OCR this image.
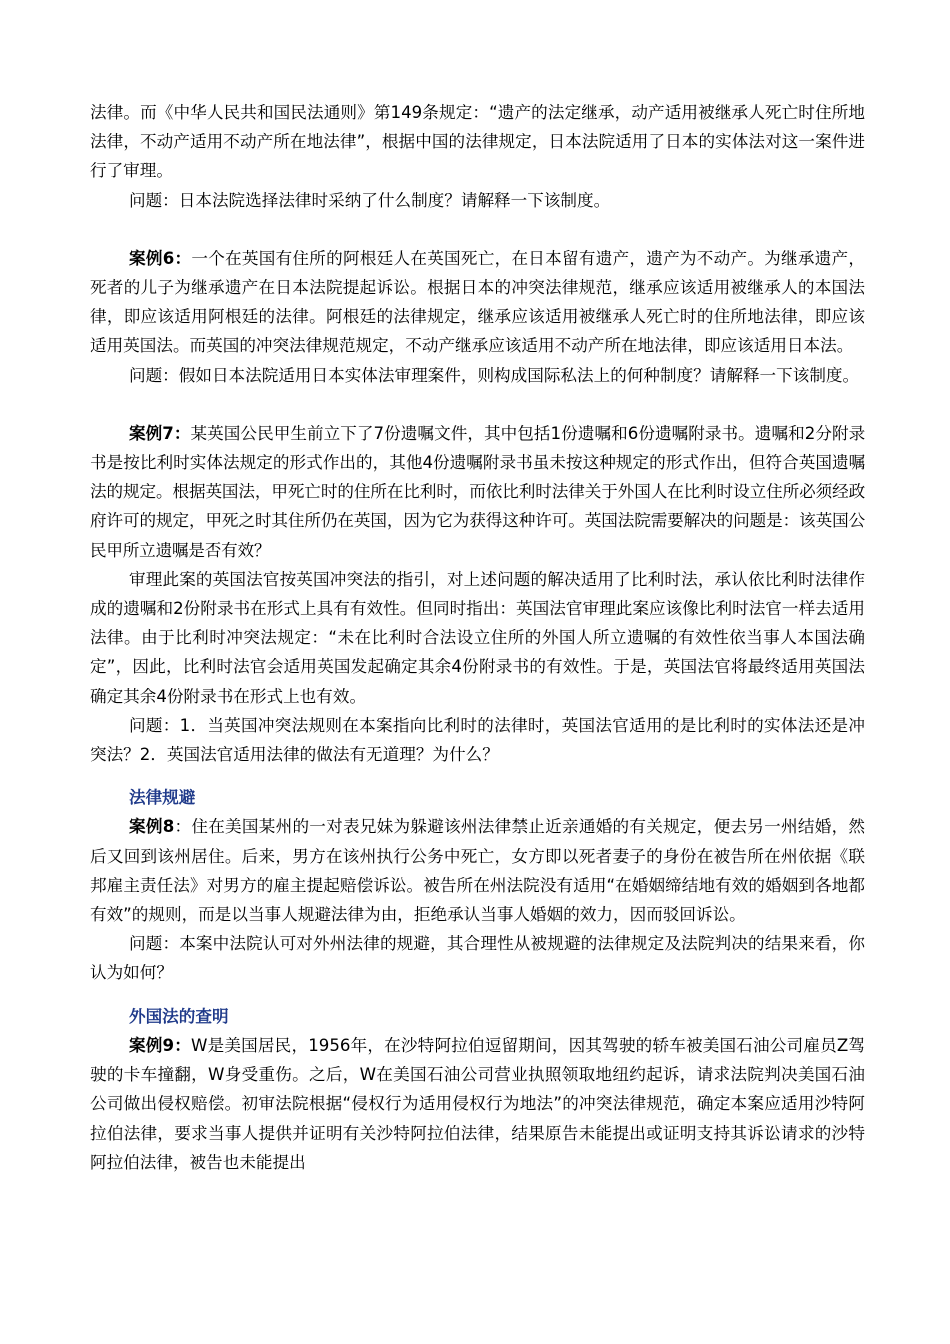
法律。而《中华人民共和国民法通则》第149条规定：“遗产的法定继承，动产适用被继承人死亡时住所地法律，不动产适用不动产所在地法律”，根据中国的法律规定，日本法院适用了日本的实体法对这一案件进行了审理。

问题：日本法院选择法律时采纳了什么制度？请解释一下该制度。

案例6：一个在英国有住所的阿根廷人在英国死亡，在日本留有遗产，遗产为不动产。为继承遗产，死者的儿子为继承遗产在日本法院提起诉讼。根据日本的冲突法律规范，继承应该适用被继承人的本国法律，即应该适用阿根廷的法律。阿根廷的法律规定，继承应该适用被继承人死亡时的住所地法律，即应该适用英国法。而英国的冲突法律规范规定，不动产继承应该适用不动产所在地法律，即应该适用日本法。

问题：假如日本法院适用日本实体法审理案件，则构成国际私法上的何种制度？请解释一下该制度。

案例7：某英国公民甲生前立下了7份遗嘱文件，其中包括1份遗嘱和6份遗嘱附录书。遗嘱和2分附录书是按比利时实体法规定的形式作出的，其他4份遗嘱附录书虽未按这种规定的形式作出，但符合英国遗嘱法的规定。根据英国法，甲死亡时的住所在比利时，而依比利时法律关于外国人在比利时设立住所必须经政府许可的规定，甲死之时其住所仍在英国，因为它为获得这种许可。英国法院需要解决的问题是：该英国公民甲所立遗嘱是否有效？

审理此案的英国法官按英国冲突法的指引，对上述问题的解决适用了比利时法，承认依比利时法律作成的遗嘱和2份附录书在形式上具有有效性。但同时指出：英国法官审理此案应该像比利时法官一样去适用法律。由于比利时冲突法规定：“未在比利时合法设立住所的外国人所立遗嘱的有效性依当事人本国法确定”，因此，比利时法官会适用英国发起确定其余4份附录书的有效性。于是，英国法官将最终适用英国法确定其余4份附录书在形式上也有效。

问题：1．当英国冲突法规则在本案指向比利时的法律时，英国法官适用的是比利时的实体法还是冲突法？2．英国法官适用法律的做法有无道理？为什么？

法律规避

案例8：住在美国某州的一对表兄妹为躲避该州法律禁止近亲通婚的有关规定，便去另一州结婚，然后又回到该州居住。后来，男方在该州执行公务中死亡，女方即以死者妻子的身份在被告所在州依据《联邦雇主责任法》对男方的雇主提起赔偿诉讼。被告所在州法院没有适用“在婚姻缔结地有效的婚姻到各地都有效”的规则，而是以当事人规避法律为由，拒绝承认当事人婚姻的效力，因而驳回诉讼。

问题：本案中法院认可对外州法律的规避，其合理性从被规避的法律规定及法院判决的结果来看，你认为如何？

外国法的查明

案例9：W是美国居民，1956年，在沙特阿拉伯逗留期间，因其驾驶的轿车被美国石油公司雇员Z驾驶的卡车撞翻，W身受重伤。之后，W在美国石油公司营业执照领取地纽约起诉，请求法院判决美国石油公司做出侵权赔偿。初审法院根据“侵权行为适用侵权行为地法”的冲突法律规范，确定本案应适用沙特阿拉伯法律，要求当事人提供并证明有关沙特阿拉伯法律，结果原告未能提出或证明支持其诉讼请求的沙特阿拉伯法律，被告也未能提出
